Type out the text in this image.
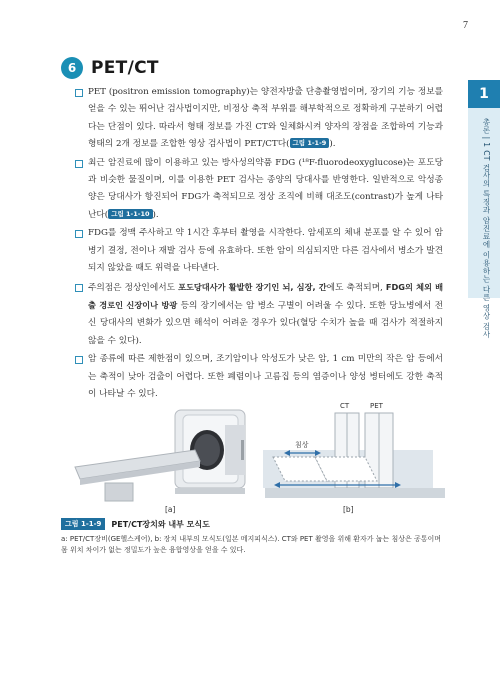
7
6 PET/CT
1
총론 | 1 CT 검사의 특징과 암진료에 이용하는 다른 영상 검사
PET (positron emission tomography)는 양전자방출 단층촬영법이며, 장기의 기능 정보를 얻을 수 있는 뛰어난 검사법이지만, 비정상 축적 부위를 해부학적으로 정확하게 구분하기 어렵다는 단점이 있다. 따라서 형태 정보를 가진 CT와 일체화시켜 양자의 장점을 조합하여 기능과 형태의 2개 정보를 조합한 영상 검사법이 PET/CT다( 그림 1-1-9 ).
최근 암진료에 많이 이용하고 있는 방사성의약품 FDG (¹⁸F-fluorodeoxyglucose)는 포도당과 비슷한 물질이며, 이를 이용한 PET 검사는 종양의 당대사를 반영한다. 일반적으로 악성종양은 당대사가 항진되어 FDG가 축적되므로 정상 조직에 비해 대조도(contrast)가 높게 나타난다( 그림 1-1-10 ).
FDG를 정맥 주사하고 약 1시간 후부터 촬영을 시작한다. 암세포의 체내 분포를 알 수 있어 암병기 결정, 전이나 재발 검사 등에 유효하다. 또한 암이 의심되지만 다른 검사에서 병소가 발견되지 않았을 때도 위력을 나타낸다.
주의점은 정상인에서도 포도당대사가 활발한 장기인 뇌, 심장, 간에도 축적되며, FDG의 체외 배출 경로인 신장이나 방광 등의 장기에서는 암 병소 구별이 어려울 수 있다. 또한 당뇨병에서 전신 당대사의 변화가 있으면 해석이 어려운 경우가 있다(혈당 수치가 높을 때 검사가 적절하지 않을 수 있다).
암 종류에 따른 제한점이 있으며, 조기암이나 악성도가 낮은 암, 1 cm 미만의 작은 암 등에서는 축적이 낮아 검출이 어렵다. 또한 폐렴이나 고름집 등의 염증이나 양성 병터에도 강한 축적이 나타날 수 있다.
[a]
침상
CT	PET
[b]
그림 1-1-9	PET/CT장치와 내부 모식도
a: PET/CT장비(GE헬스케어), b: 장치 내부의 모식도(일본 메지피식스). CT와 PET 촬영을 위해 환자가 눕는 침상은 공통이며 몸 위치 차이가 없는 정밀도가 높은 융합영상을 얻을 수 있다.
